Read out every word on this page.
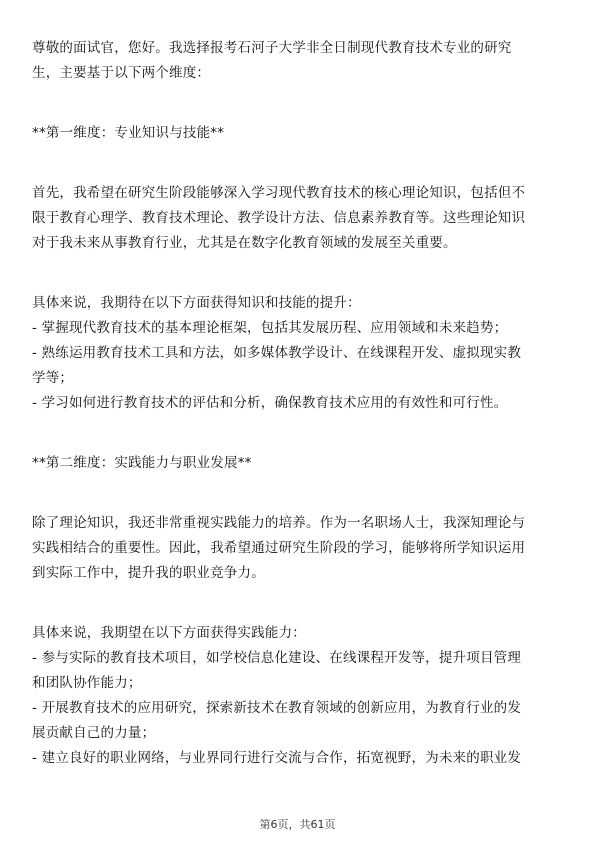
尊敬的面试官，您好。我选择报考石河子大学非全日制现代教育技术专业的研究
生，主要基于以下两个维度：

**第一维度：专业知识与技能**

首先，我希望在研究生阶段能够深入学习现代教育技术的核心理论知识，包括但不
限于教育心理学、教育技术理论、教学设计方法、信息素养教育等。这些理论知识
对于我未来从事教育行业，尤其是在数字化教育领域的发展至关重要。

具体来说，我期待在以下方面获得知识和技能的提升：
- 掌握现代教育技术的基本理论框架，包括其发展历程、应用领域和未来趋势；
- 熟练运用教育技术工具和方法，如多媒体教学设计、在线课程开发、虚拟现实教
学等；
- 学习如何进行教育技术的评估和分析，确保教育技术应用的有效性和可行性。

**第二维度：实践能力与职业发展**

除了理论知识，我还非常重视实践能力的培养。作为一名职场人士，我深知理论与
实践相结合的重要性。因此，我希望通过研究生阶段的学习，能够将所学知识运用
到实际工作中，提升我的职业竞争力。

具体来说，我期望在以下方面获得实践能力：
- 参与实际的教育技术项目，如学校信息化建设、在线课程开发等，提升项目管理
和团队协作能力；
- 开展教育技术的应用研究，探索新技术在教育领域的创新应用，为教育行业的发
展贡献自己的力量；
- 建立良好的职业网络，与业界同行进行交流与合作，拓宽视野，为未来的职业发

第6页，共61页
